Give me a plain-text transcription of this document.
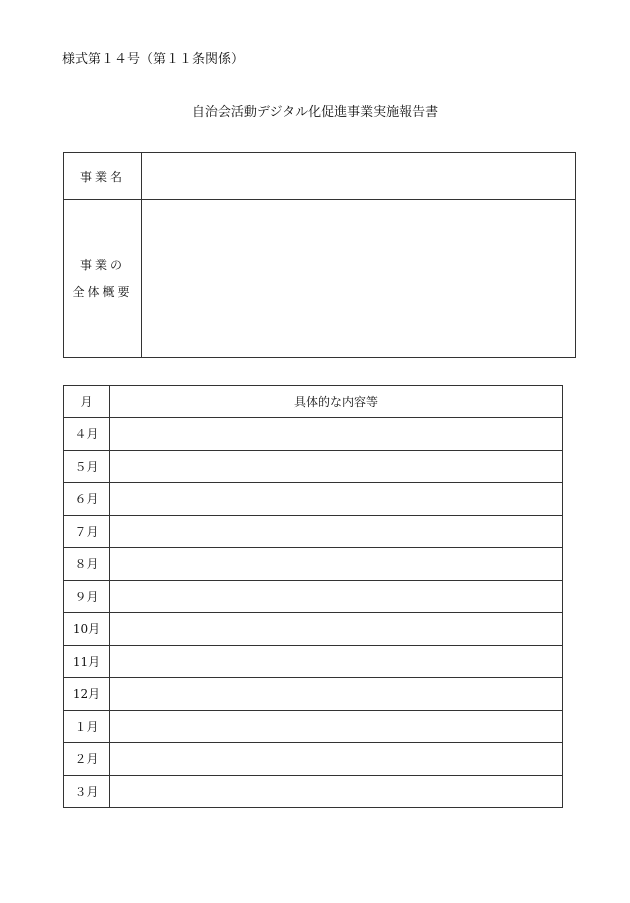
様式第１４号（第１１条関係）
自治会活動デジタル化促進事業実施報告書
事業名	

事業の
全体概要	

月	具体的な内容等
４月	
５月	
６月	
７月	
８月	
９月	
10月	
11月	
12月	
１月	
２月	
３月	
